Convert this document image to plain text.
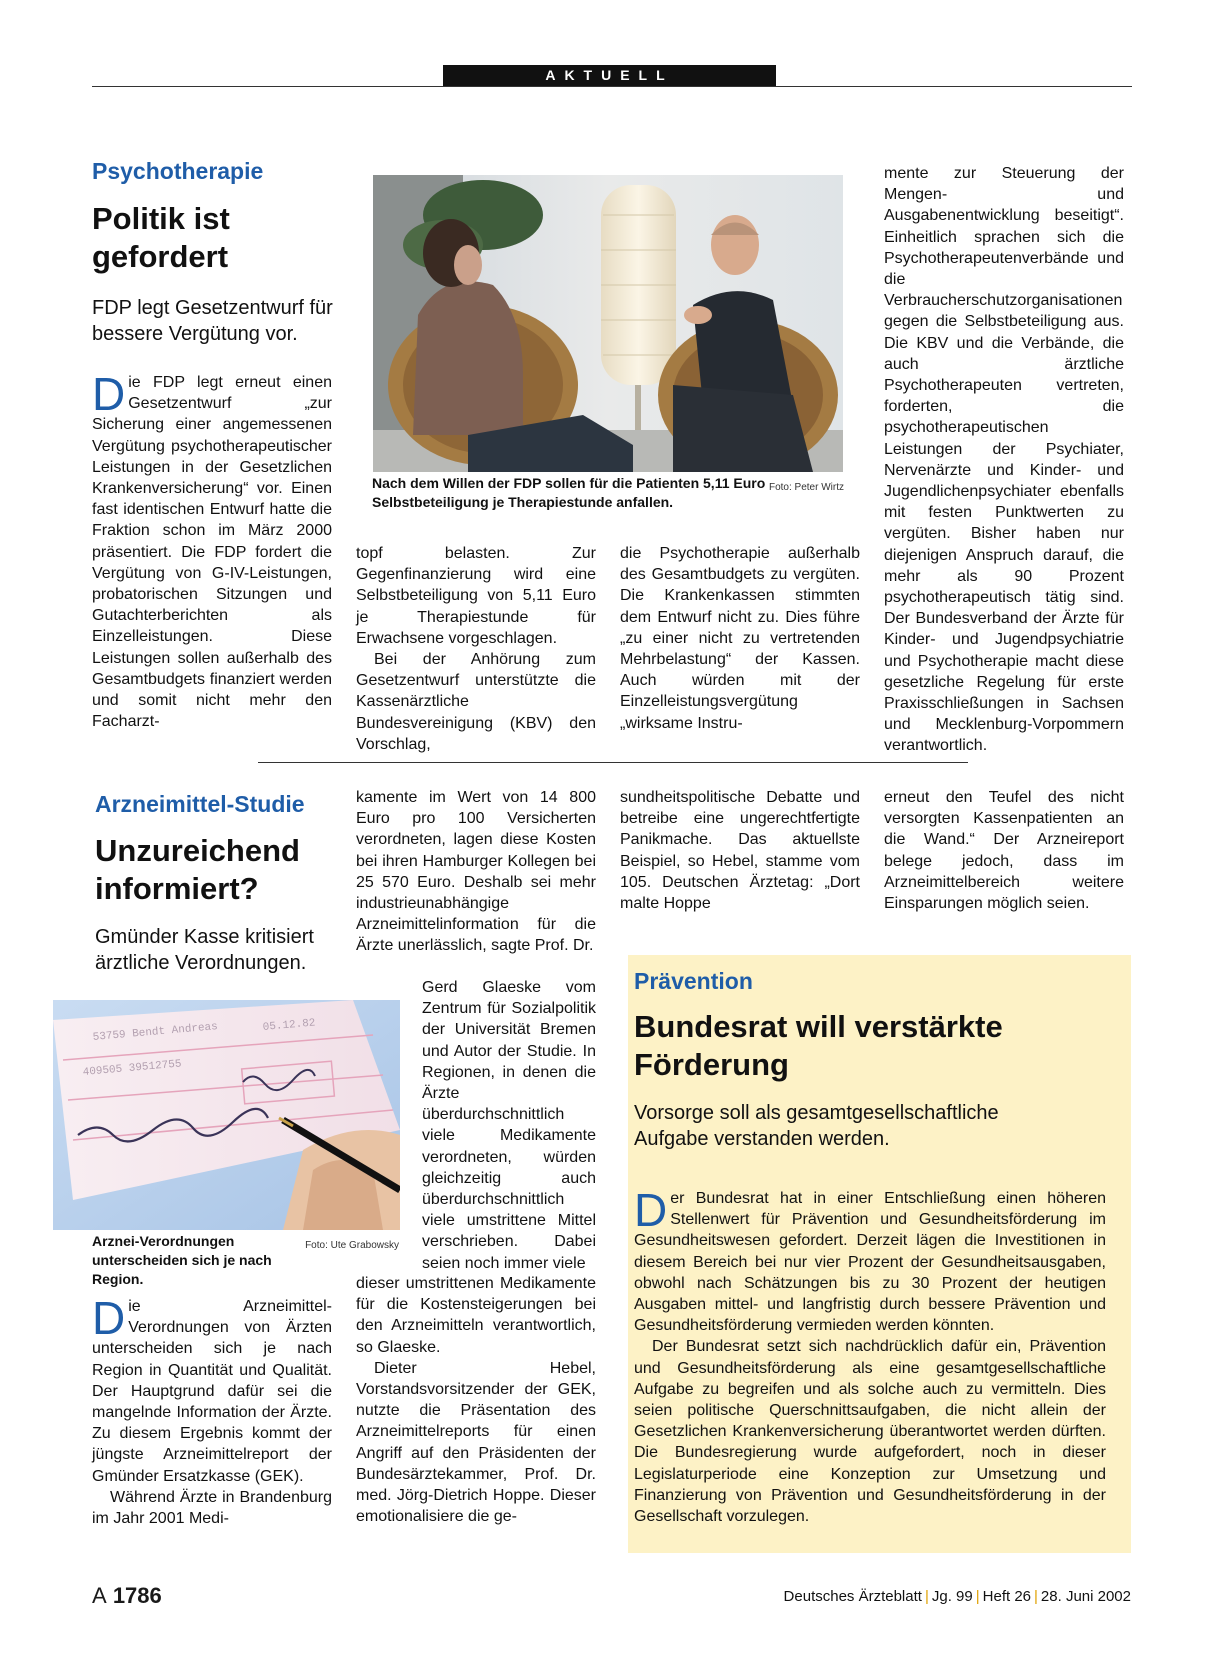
AKTUELL
Psychotherapie
Politik ist gefordert
FDP legt Gesetzentwurf für bessere Vergütung vor.
Die FDP legt erneut einen Gesetzentwurf „zur Sicherung einer angemessenen Vergütung psychotherapeutischer Leistungen in der Gesetzlichen Krankenversicherung“ vor. Einen fast identischen Entwurf hatte die Fraktion schon im März 2000 präsentiert. Die FDP fordert die Vergütung von G-IV-Leistungen, probatorischen Sitzungen und Gutachterberichten als Einzelleistungen. Diese Leistungen sollen außerhalb des Gesamtbudgets finanziert werden und somit nicht mehr den Facharzt-
Foto: Peter Wirtz
Nach dem Willen der FDP sollen für die Patienten 5,11 Euro Selbstbeteiligung je Therapiestunde anfallen.

topf belasten. Zur Gegenfinanzierung wird eine Selbstbeteiligung von 5,11 Euro je Therapiestunde für Erwachsene vorgeschlagen.

Bei der Anhörung zum Gesetzentwurf unterstützte die Kassenärztliche Bundesvereinigung (KBV) den Vorschlag,

die Psychotherapie außerhalb des Gesamtbudgets zu vergüten. Die Krankenkassen stimmten dem Entwurf nicht zu. Dies führe „zu einer nicht zu vertretenden Mehrbelastung“ der Kassen. Auch würden mit der Einzelleistungsvergütung „wirksame Instru-
mente zur Steuerung der Mengen- und Ausgabenentwicklung beseitigt“. Einheitlich sprachen sich die Psychotherapeutenverbände und die Verbraucherschutzorganisationen gegen die Selbstbeteiligung aus. Die KBV und die Verbände, die auch ärztliche Psychotherapeuten vertreten, forderten, die psychotherapeutischen Leistungen der Psychiater, Nervenärzte und Kinder- und Jugendlichenpsychiater ebenfalls mit festen Punktwerten zu vergüten. Bisher haben nur diejenigen Anspruch darauf, die mehr als 90 Prozent psychotherapeutisch tätig sind. Der Bundesverband der Ärzte für Kinder- und Jugendpsychiatrie und Psychotherapie macht diese gesetzliche Regelung für erste Praxisschließungen in Sachsen und Mecklenburg-Vorpommern verantwortlich.
Arzneimittel-Studie
Unzureichend informiert?
Gmünder Kasse kritisiert ärztliche Verordnungen.
53759 Bendt Andreas	05.12.82
409505 39512755
Foto: Ute Grabowsky
Arznei-Verordnungen unterscheiden sich je nach Region.

Die Arzneimittel-Verordnungen von Ärzten unterscheiden sich je nach Region in Quantität und Qualität. Der Hauptgrund dafür sei die mangelnde Information der Ärzte. Zu diesem Ergebnis kommt der jüngste Arzneimittelreport der Gmünder Ersatzkasse (GEK).

Während Ärzte in Brandenburg im Jahr 2001 Medi-

kamente im Wert von 14 800 Euro pro 100 Versicherten verordneten, lagen diese Kosten bei ihren Hamburger Kollegen bei 25 570 Euro. Deshalb sei mehr industrieunabhängige Arzneimittelinformation für die Ärzte unerlässlich, sagte Prof. Dr.
Gerd Glaeske vom Zentrum für Sozialpolitik der Universität Bremen und Autor der Studie. In Regionen, in denen die Ärzte überdurchschnittlich viele Medikamente verordneten, würden gleichzeitig auch überdurchschnittlich viele umstrittene Mittel verschrieben. Dabei seien noch immer viele

dieser umstrittenen Medikamente für die Kostensteigerungen bei den Arzneimitteln verantwortlich, so Glaeske.

Dieter Hebel, Vorstandsvorsitzender der GEK, nutzte die Präsentation des Arzneimittelreports für einen Angriff auf den Präsidenten der Bundesärztekammer, Prof. Dr. med. Jörg-Dietrich Hoppe. Dieser emotionalisiere die ge-

sundheitspolitische Debatte und betreibe eine ungerechtfertigte Panikmache. Das aktuellste Beispiel, so Hebel, stamme vom 105. Deutschen Ärztetag: „Dort malte Hoppe
erneut den Teufel des nicht versorgten Kassenpatienten an die Wand.“ Der Arzneireport belege jedoch, dass im Arzneimittelbereich weitere Einsparungen möglich seien.
Prävention
Bundesrat will verstärkte Förderung
Vorsorge soll als gesamtgesellschaftliche Aufgabe verstanden werden.

Der Bundesrat hat in einer Entschließung einen höheren Stellenwert für Prävention und Gesundheitsförderung im Gesundheitswesen gefordert. Derzeit lägen die Investitionen in diesem Bereich bei nur vier Prozent der Gesundheitsausgaben, obwohl nach Schätzungen bis zu 30 Prozent der heutigen Ausgaben mittel- und langfristig durch bessere Prävention und Gesundheitsförderung vermieden werden könnten.

Der Bundesrat setzt sich nachdrücklich dafür ein, Prävention und Gesundheitsförderung als eine gesamtgesellschaftliche Aufgabe zu begreifen und als solche auch zu vermitteln. Dies seien politische Querschnittsaufgaben, die nicht allein der Gesetzlichen Krankenversicherung überantwortet werden dürften. Die Bundesregierung wurde aufgefordert, noch in dieser Legislaturperiode eine Konzeption zur Umsetzung und Finanzierung von Prävention und Gesundheitsförderung in der Gesellschaft vorzulegen.

A 1786	Deutsches Ärzteblatt | Jg. 99 | Heft 26 | 28. Juni 2002
